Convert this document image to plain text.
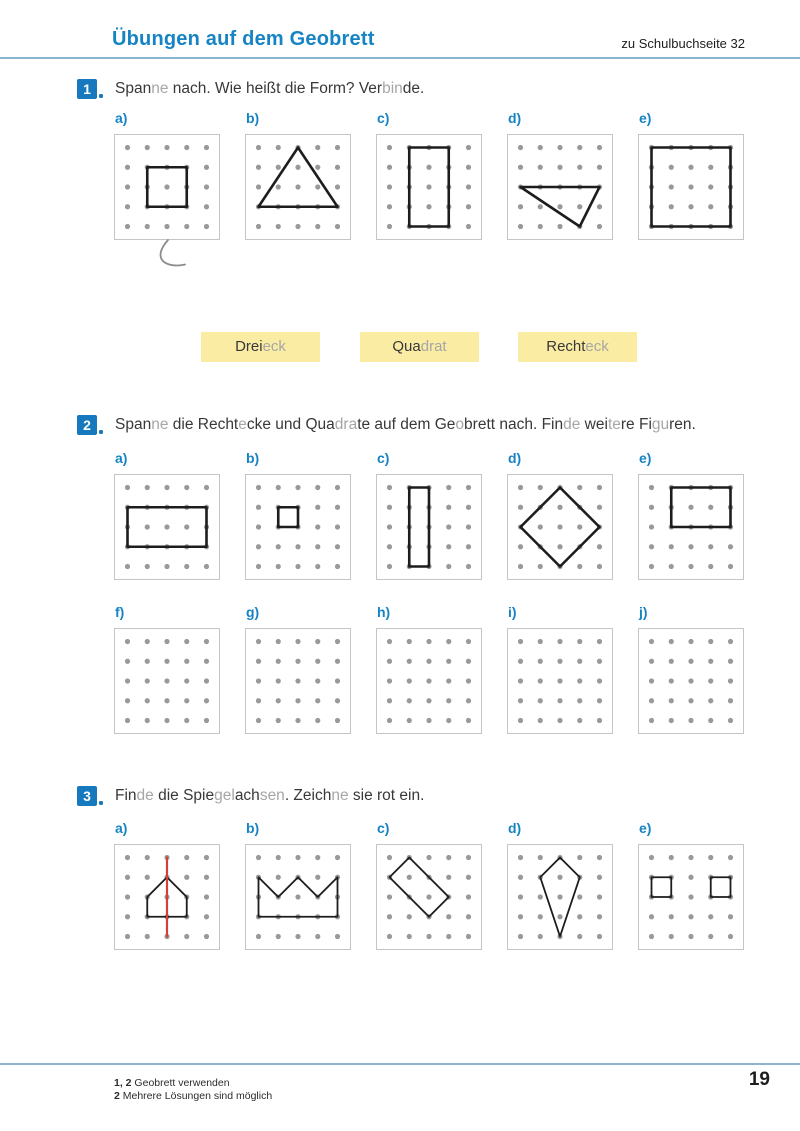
Übungen auf dem Geobrett	zu Schulbuchseite 32
1	Spanne nach. Wie heißt die Form? Verbinde.
a)	b)	c)	d)	e)
Dreieck	Quadrat	Rechteck
2	Spanne die Rechtecke und Quadrate auf dem Geobrett nach. Finde weitere Figuren.
a)	b)	c)	d)	e)
f)	g)	h)	i)	j)
3	Finde die Spiegelachsen. Zeichne sie rot ein.
a)	b)	c)	d)	e)
1, 2 Geobrett verwenden
2 Mehrere Lösungen sind möglich
19
